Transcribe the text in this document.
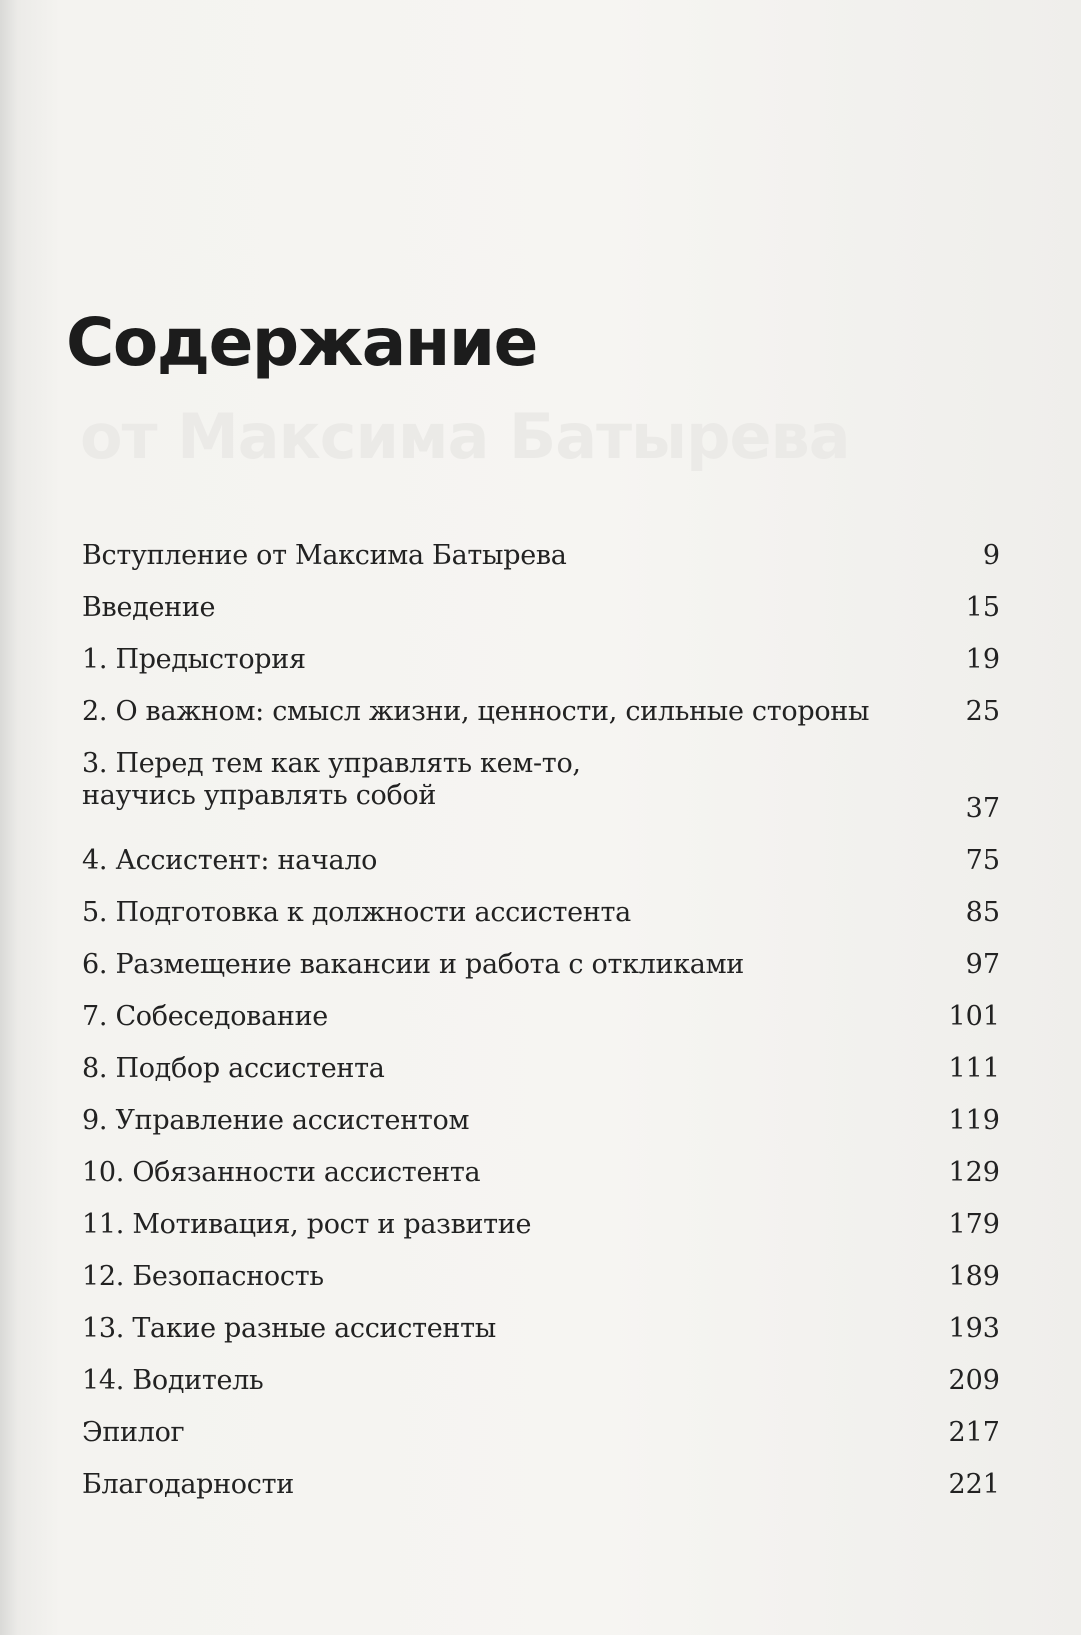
от Максима Батырева
Содержание
Вступление от Максима Батырева	9
Введение	15
1. Предыстория	19
2. О важном: смысл жизни, ценности, сильные стороны	25
3. Перед тем как управлять кем-то,
научись управлять собой	37
4. Ассистент: начало	75
5. Подготовка к должности ассистента	85
6. Размещение вакансии и работа с откликами	97
7. Собеседование	101
8. Подбор ассистента	111
9. Управление ассистентом	119
10. Обязанности ассистента	129
11. Мотивация, рост и развитие	179
12. Безопасность	189
13. Такие разные ассистенты	193
14. Водитель	209
Эпилог	217
Благодарности	221
